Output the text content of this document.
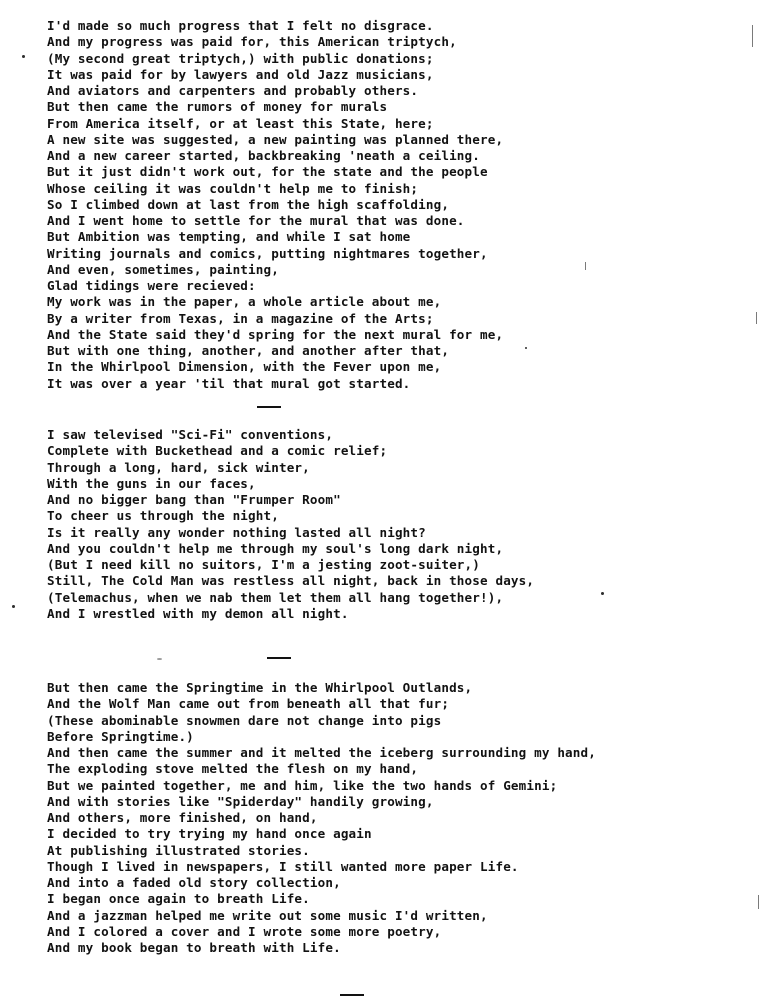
I'd made so much progress that I felt no disgrace.
And my progress was paid for, this American triptych,
(My second great triptych,) with public donations;
It was paid for by lawyers and old Jazz musicians,
And aviators and carpenters and probably others.
But then came the rumors of money for murals
From America itself, or at least this State, here;
A new site was suggested, a new painting was planned there,
And a new career started, backbreaking 'neath a ceiling.
But it just didn't work out, for the state and the people
Whose ceiling it was couldn't help me to finish;
So I climbed down at last from the high scaffolding,
And I went home to settle for the mural that was done.
But Ambition was tempting, and while I sat home
Writing journals and comics, putting nightmares together,
And even, sometimes, painting,
Glad tidings were recieved:
My work was in the paper, a whole article about me,
By a writer from Texas, in a magazine of the Arts;
And the State said they'd spring for the next mural for me,
But with one thing, another, and another after that,
In the Whirlpool Dimension, with the Fever upon me,
It was over a year 'til that mural got started.
I saw televised "Sci-Fi" conventions,
Complete with Buckethead and a comic relief;
Through a long, hard, sick winter,
With the guns in our faces,
And no bigger bang than "Frumper Room"
To cheer us through the night,
Is it really any wonder nothing lasted all night?
And you couldn't help me through my soul's long dark night,
(But I need kill no suitors, I'm a jesting zoot-suiter,)
Still, The Cold Man was restless all night, back in those days,
(Telemachus, when we nab them let them all hang together!),
And I wrestled with my demon all night.
But then came the Springtime in the Whirlpool Outlands,
And the Wolf Man came out from beneath all that fur;
(These abominable snowmen dare not change into pigs
Before Springtime.)
And then came the summer and it melted the iceberg surrounding my hand,
The exploding stove melted the flesh on my hand,
But we painted together, me and him, like the two hands of Gemini;
And with stories like "Spiderday" handily growing,
And others, more finished, on hand,
I decided to try trying my hand once again
At publishing illustrated stories.
Though I lived in newspapers, I still wanted more paper Life.
And into a faded old story collection,
I began once again to breath Life.
And a jazzman helped me write out some music I'd written,
And I colored a cover and I wrote some more poetry,
And my book began to breath with Life.
